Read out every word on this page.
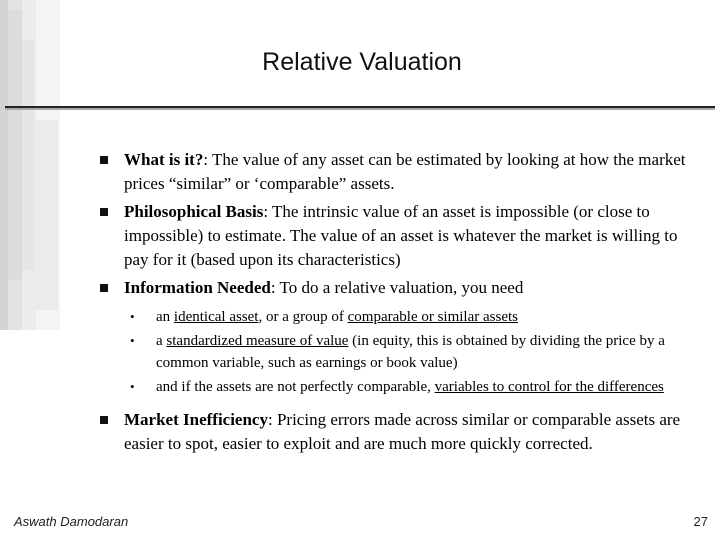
Relative Valuation
What is it?: The value of any asset can be estimated by looking at how the market prices “similar” or ‘comparable” assets.
Philosophical Basis: The intrinsic value of an asset is impossible (or close to impossible) to estimate. The value of an asset is whatever the market is willing to pay for it (based upon its characteristics)
Information Needed: To do a relative valuation, you need
• an identical asset, or a group of comparable or similar assets
• a standardized measure of value (in equity, this is obtained by dividing the price by a common variable, such as earnings or book value)
• and if the assets are not perfectly comparable, variables to control for the differences
Market Inefficiency: Pricing errors made across similar or comparable assets are easier to spot, easier to exploit and are much more quickly corrected.
Aswath Damodaran	27
